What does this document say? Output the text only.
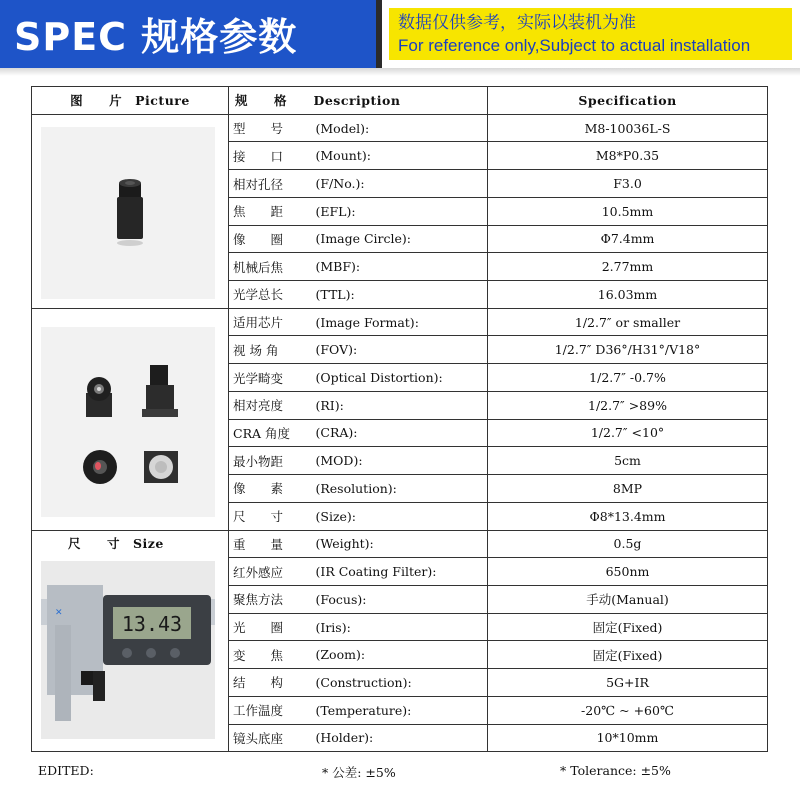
SPEC 规格参数	数据仅供参考，实际以装机为准
For reference only,Subject to actual installation
图　　片　Picture	规　　格	Description	Specification

	型　　号	(Model):	M8-10036L-S
	接　　口	(Mount):	M8*P0.35
	相对孔径	(F/No.):	F3.0
	焦　　距	(EFL):	10.5mm
	像　　圈	(Image Circle):	Φ7.4mm
	机械后焦	(MBF):	2.77mm
	光学总长	(TTL):	16.03mm

	适用芯片	(Image Format):	1/2.7″ or smaller
	视 场 角	(FOV):	1/2.7″ D36°/H31°/V18°
	光学畸变	(Optical Distortion):	1/2.7″ -0.7%
	相对亮度	(RI):	1/2.7″ >89%
	CRA 角度	(CRA):	1/2.7″ <10°
	最小物距	(MOD):	5cm
	像　　素	(Resolution):	8MP
	尺　　寸	(Size):	Φ8*13.4mm

13.43
✕
尺　　寸　Size	重　　量	(Weight):	0.5g
	红外感应	(IR Coating Filter):	650nm
	聚焦方法	(Focus):	手动(Manual)
	光　　圈	(Iris):	固定(Fixed)
	变　　焦	(Zoom):	固定(Fixed)
	结　　构	(Construction):	5G+IR
	工作温度	(Temperature):	-20℃ ~ +60℃
	镜头底座	(Holder):	10*10mm
EDITED:	* 公差: ±5%	* Tolerance: ±5%
